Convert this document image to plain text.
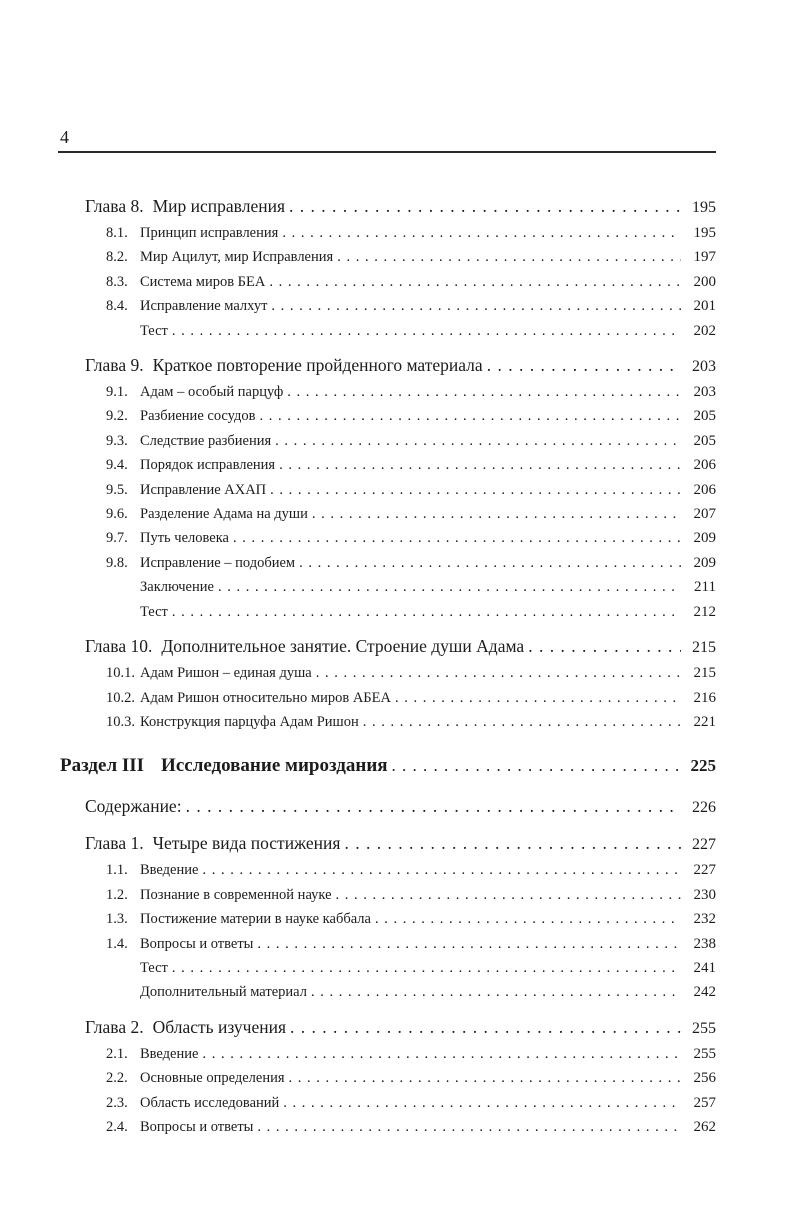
4
Глава 8. Мир исправления . . .	195
8.1. Принцип исправления . . .	195
8.2. Мир Ацилут, мир Исправления . . .	197
8.3. Система миров БЕА . . .	200
8.4. Исправление малхут . . .	201
Тест . . .	202
Глава 9. Краткое повторение пройденного материала . . .	203
9.1. Адам – особый парцуф . . .	203
9.2. Разбиение сосудов . . .	205
9.3. Следствие разбиения . . .	205
9.4. Порядок исправления . . .	206
9.5. Исправление АХАП . . .	206
9.6. Разделение Адама на души . . .	207
9.7. Путь человека . . .	209
9.8. Исправление – подобием . . .	209
Заключение . . .	211
Тест . . .	212
Глава 10. Дополнительное занятие. Строение души Адама . . .	215
10.1. Адам Ришон – единая душа . . .	215
10.2. Адам Ришон относительно миров АБЕА . . .	216
10.3. Конструкция парцуфа Адам Ришон . . .	221
Раздел III Исследование мироздания . . .	225
Содержание: . . .	226
Глава 1. Четыре вида постижения . . .	227
1.1. Введение . . .	227
1.2. Познание в современной науке . . .	230
1.3. Постижение материи в науке каббала . . .	232
1.4. Вопросы и ответы . . .	238
Тест . . .	241
Дополнительный материал . . .	242
Глава 2. Область изучения . . .	255
2.1. Введение . . .	255
2.2. Основные определения . . .	256
2.3. Область исследований . . .	257
2.4. Вопросы и ответы . . .	262
